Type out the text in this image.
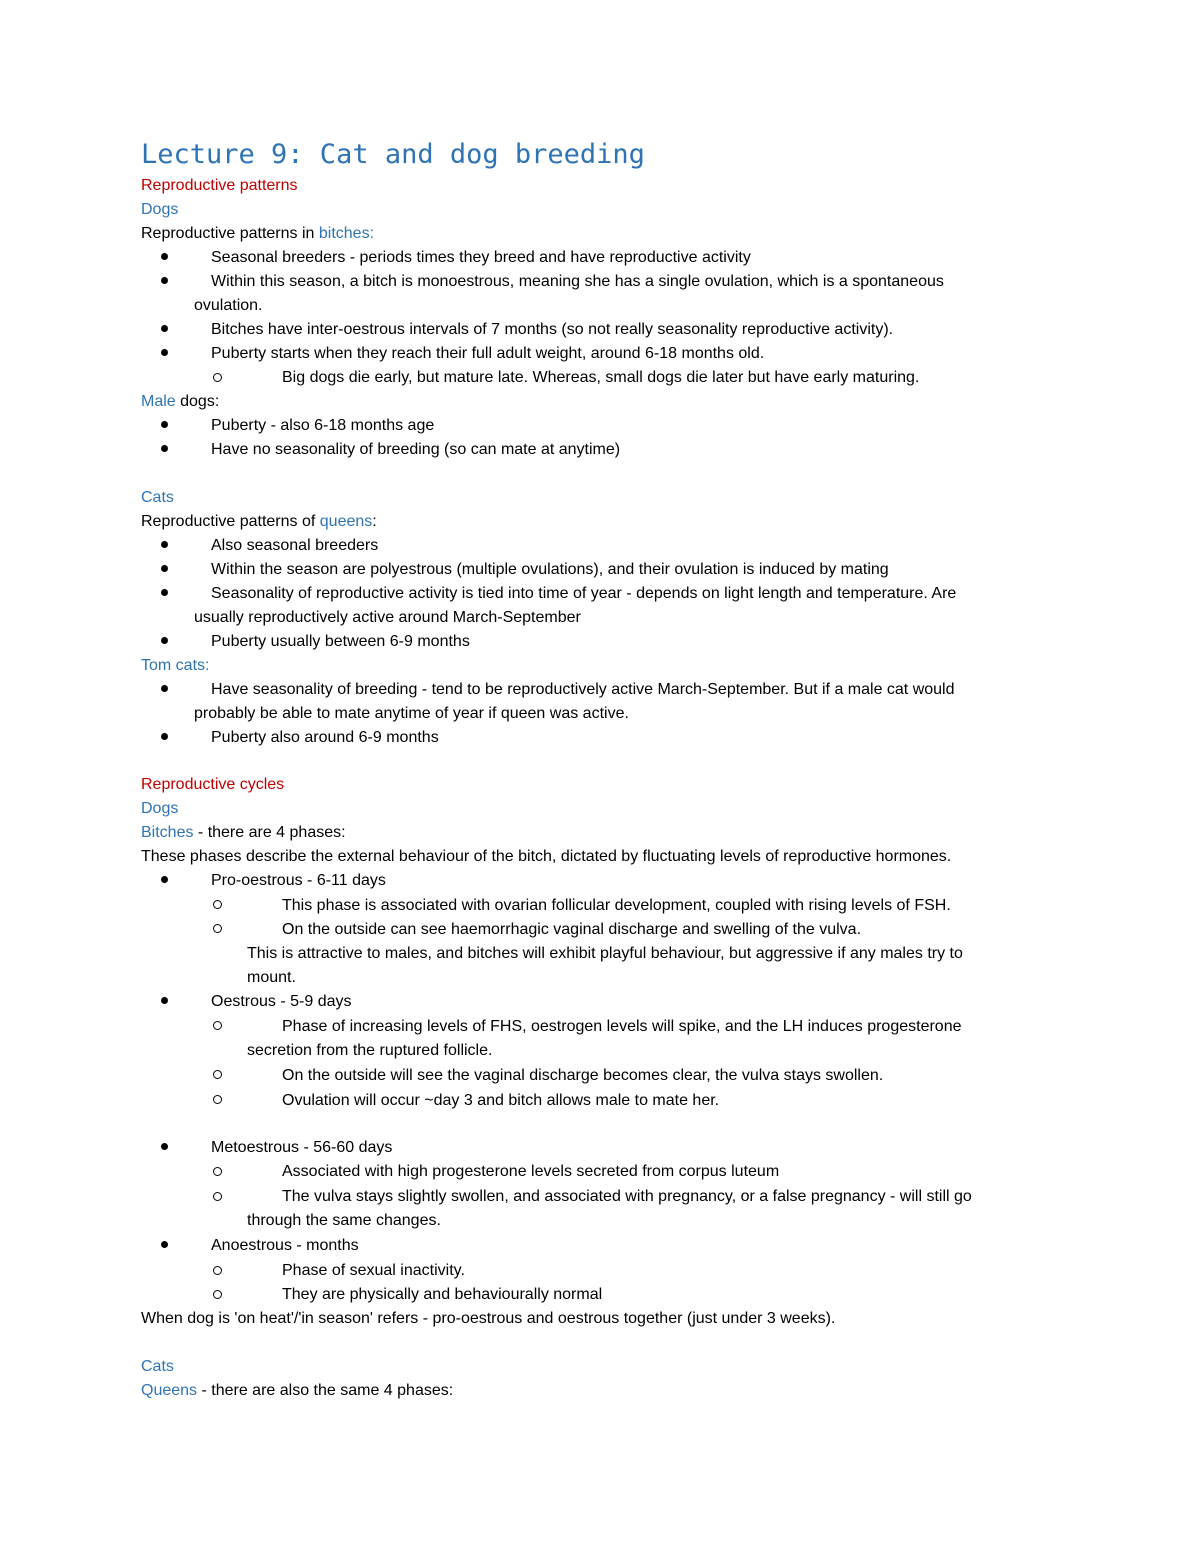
Lecture 9: Cat and dog breeding
Reproductive patterns
Dogs
Reproductive patterns in bitches:
Seasonal breeders - periods times they breed and have reproductive activity
Within this season, a bitch is monoestrous, meaning she has a single ovulation, which is a spontaneous
ovulation.
Bitches have inter-oestrous intervals of 7 months (so not really seasonality reproductive activity).
Puberty starts when they reach their full adult weight, around 6-18 months old.
Big dogs die early, but mature late. Whereas, small dogs die later but have early maturing.
Male dogs:
Puberty - also 6-18 months age
Have no seasonality of breeding (so can mate at anytime)
Cats
Reproductive patterns of queens:
Also seasonal breeders
Within the season are polyestrous (multiple ovulations), and their ovulation is induced by mating
Seasonality of reproductive activity is tied into time of year - depends on light length and temperature. Are
usually reproductively active around March-September
Puberty usually between 6-9 months
Tom cats:
Have seasonality of breeding - tend to be reproductively active March-September. But if a male cat would
probably be able to mate anytime of year if queen was active.
Puberty also around 6-9 months
Reproductive cycles
Dogs
Bitches - there are 4 phases:
These phases describe the external behaviour of the bitch, dictated by fluctuating levels of reproductive hormones.
Pro-oestrous - 6-11 days
This phase is associated with ovarian follicular development, coupled with rising levels of FSH.
On the outside can see haemorrhagic vaginal discharge and swelling of the vulva.
This is attractive to males, and bitches will exhibit playful behaviour, but aggressive if any males try to
mount.
Oestrous - 5-9 days
Phase of increasing levels of FHS, oestrogen levels will spike, and the LH induces progesterone
secretion from the ruptured follicle.
On the outside will see the vaginal discharge becomes clear, the vulva stays swollen.
Ovulation will occur ~day 3 and bitch allows male to mate her.
Metoestrous - 56-60 days
Associated with high progesterone levels secreted from corpus luteum
The vulva stays slightly swollen, and associated with pregnancy, or a false pregnancy - will still go
through the same changes.
Anoestrous - months
Phase of sexual inactivity.
They are physically and behaviourally normal
When dog is 'on heat'/'in season' refers - pro-oestrous and oestrous together (just under 3 weeks).
Cats
Queens - there are also the same 4 phases:
